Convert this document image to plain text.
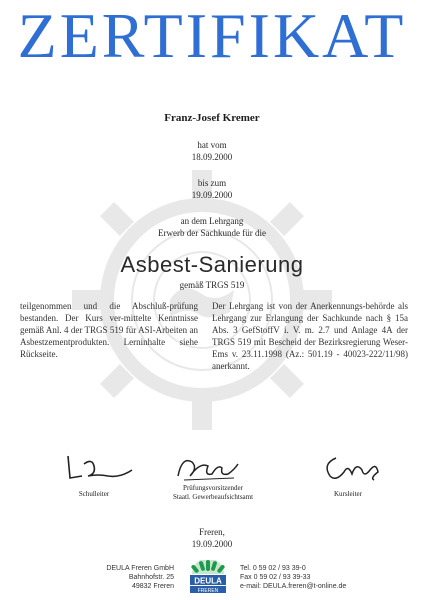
ZERTIFIKAT
Franz-Josef Kremer
hat vom
18.09.2000
bis zum
19.09.2000
an dem Lehrgang
Erwerb der Sachkunde für die
Asbest-Sanierung
gemäß TRGS 519
teilgenommen und die Abschluß-prüfung bestanden. Der Kurs ver-mittelte Kenntnisse gemäß Anl. 4 der TRGS 519 für ASI-Arbeiten an Asbestzementprodukten. Lerninhalte siehe Rückseite.
Der Lehrgang ist von der Anerkennungs-behörde als Lehrgang zur Erlangung der Sachkunde nach § 15a Abs. 3 GefStoffV i. V. m. 2.7 und Anlage 4A der TRGS 519 mit Bescheid der Bezirksregierung Weser-Ems v. 23.11.1998 (Az.: 501.19 - 40023-222/11/98) anerkannt.
Schulleiter
Prüfungsvorsitzender
Staatl. Gewerbeaufsichtsamt	Kursleiter
Freren,
19.09.2000
DEULA Freren GmbH
Bahnhofstr. 25
49832 Freren
DEULA
FREREN
Tel. 0 59 02 / 93 39-0
Fax 0 59 02 / 93 39-33
e-mail: DEULA.freren@t-online.de
